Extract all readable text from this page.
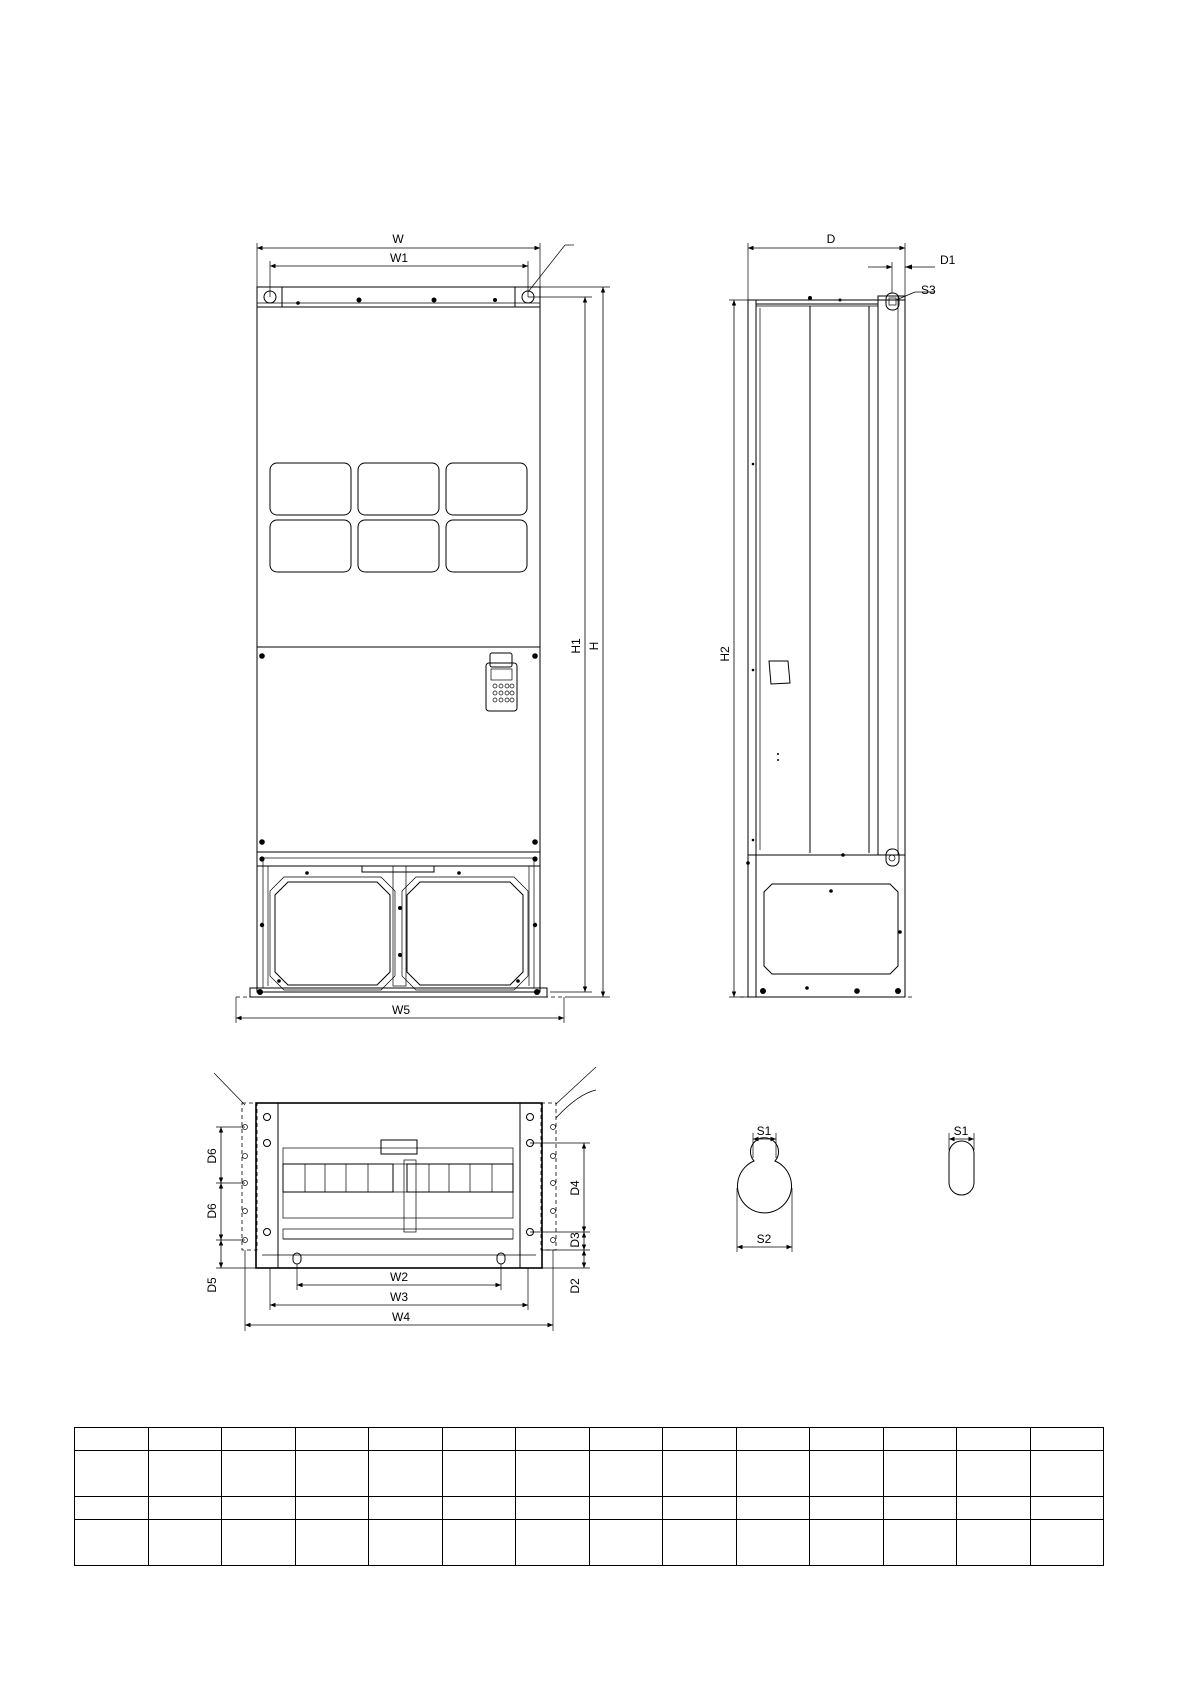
W
W1
H1 H
W5
D
D1
S3
H2
W2
W3
W4
D6
D6
D5
D4
D3
D2
S1
S2
S1
